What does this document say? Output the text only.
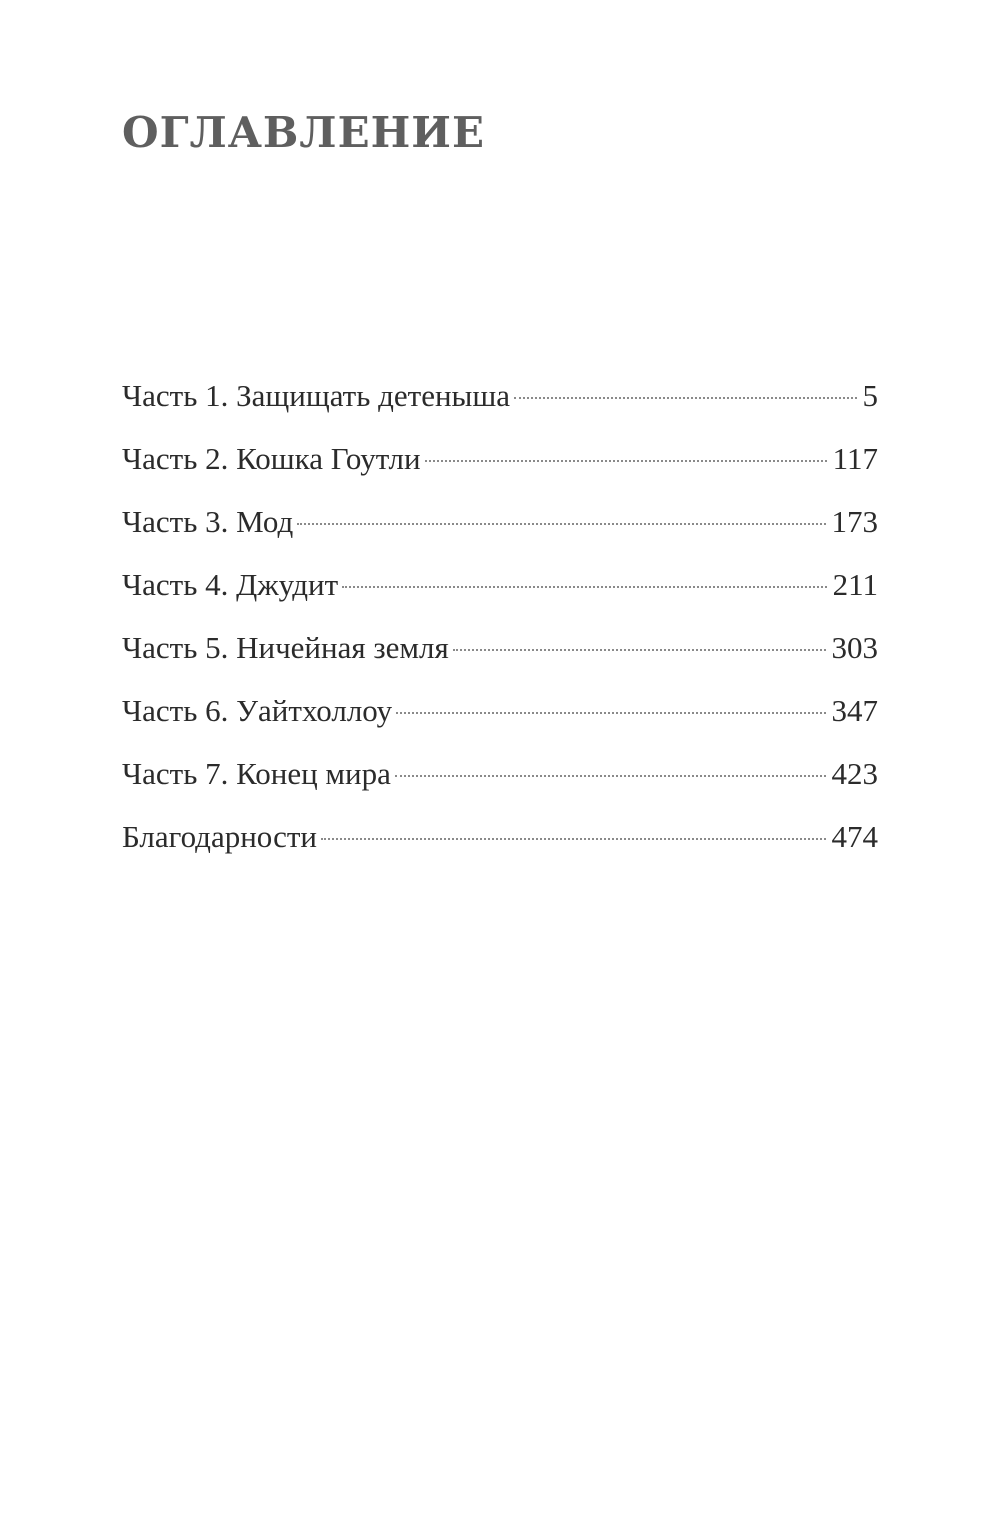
ОГЛАВЛЕНИЕ
Часть 1. Защищать детеныша	5
Часть 2. Кошка Гоутли	117
Часть 3. Мод	173
Часть 4. Джудит	211
Часть 5. Ничейная земля	303
Часть 6. Уайтхоллоу	347
Часть 7. Конец мира	423
Благодарности	474
